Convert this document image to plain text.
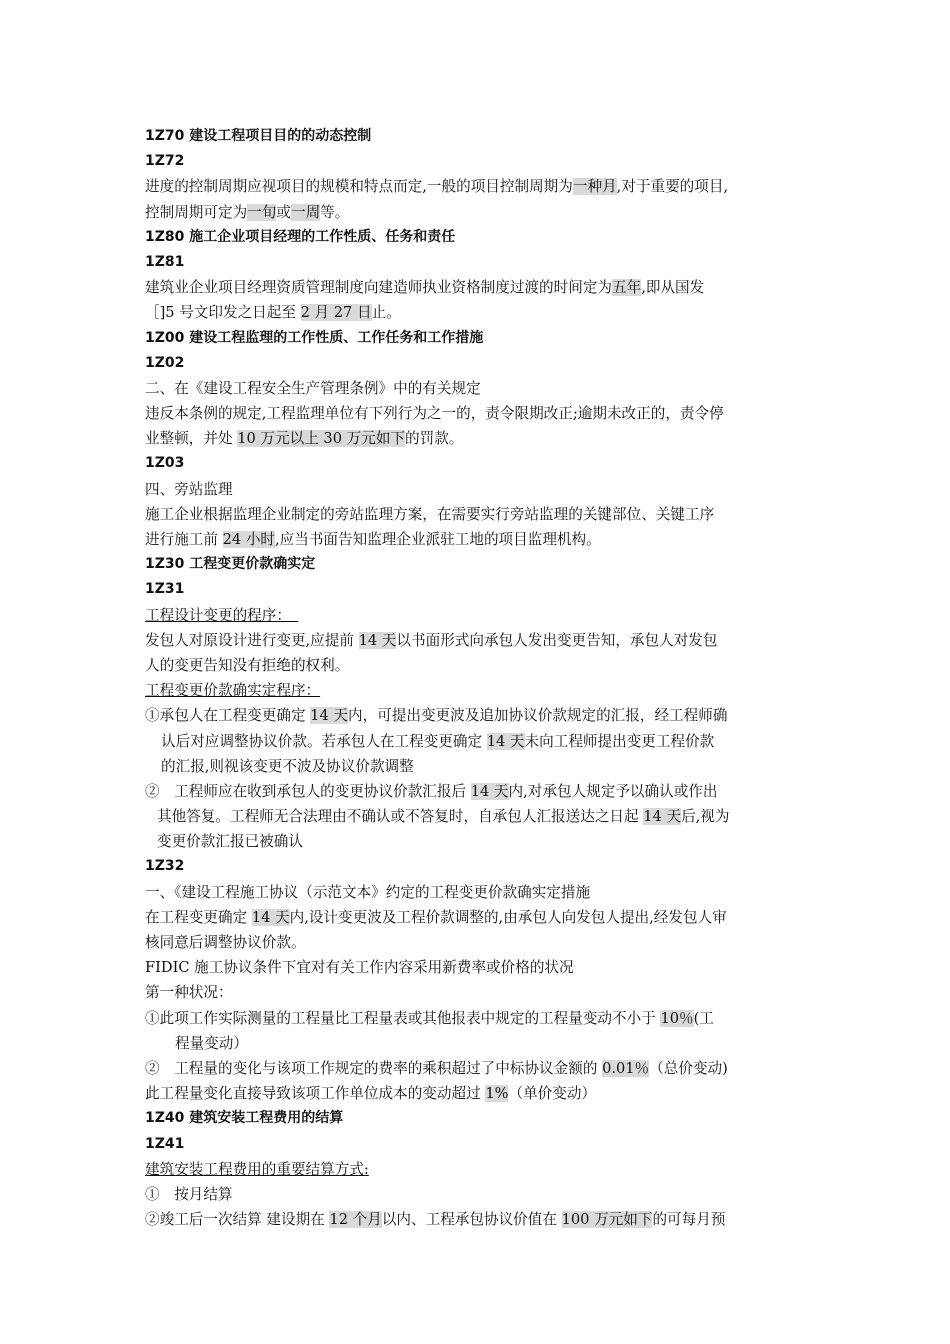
1Z70 建设工程项目目的的动态控制
1Z72
进度的控制周期应视项目的规模和特点而定,一般的项目控制周期为一种月,对于重要的项目,
控制周期可定为一旬或一周等。
1Z80 施工企业项目经理的工作性质、任务和责任
1Z81
建筑业企业项目经理资质管理制度向建造师执业资格制度过渡的时间定为五年,即从国发
［]5 号文印发之日起至 2 月 27 日止。
1Z00 建设工程监理的工作性质、工作任务和工作措施
1Z02
二、在《建设工程安全生产管理条例》中的有关规定
违反本条例的规定,工程监理单位有下列行为之一的，责令限期改正;逾期未改正的，责令停
业整顿，并处 10 万元以上 30 万元如下的罚款。
1Z03
四、旁站监理
施工企业根据监理企业制定的旁站监理方案，在需要实行旁站监理的关键部位、关键工序
进行施工前 24 小时,应当书面告知监理企业派驻工地的项目监理机构。
1Z30 工程变更价款确实定
1Z31
工程设计变更的程序：　
发包人对原设计进行变更,应提前 14 天以书面形式向承包人发出变更告知，承包人对发包
人的变更告知没有拒绝的权利。
工程变更价款确实定程序：
①承包人在工程变更确定 14 天内，可提出变更波及追加协议价款规定的汇报，经工程师确
认后对应调整协议价款。若承包人在工程变更确定 14 天未向工程师提出变更工程价款
的汇报,则视该变更不波及协议价款调整
②　工程师应在收到承包人的变更协议价款汇报后 14 天内,对承包人规定予以确认或作出
其他答复。工程师无合法理由不确认或不答复时，自承包人汇报送达之日起 14 天后,视为
变更价款汇报已被确认
1Z32
一、《建设工程施工协议（示范文本》约定的工程变更价款确实定措施
在工程变更确定 14 天内,设计变更波及工程价款调整的,由承包人向发包人提出,经发包人审
核同意后调整协议价款。
FIDIC 施工协议条件下宜对有关工作内容采用新费率或价格的状况
第一种状况：
①此项工作实际测量的工程量比工程量表或其他报表中规定的工程量变动不小于 10％(工
程量变动）
②　工程量的变化与该项工作规定的费率的乘积超过了中标协议金额的 0.01％（总价变动)
此工程量变化直接导致该项工作单位成本的变动超过 1%（单价变动）
1Z40 建筑安装工程费用的结算
1Z41
建筑安装工程费用的重要结算方式:
①　按月结算
②竣工后一次结算 建设期在 12 个月以内、工程承包协议价值在 100 万元如下的可每月预
